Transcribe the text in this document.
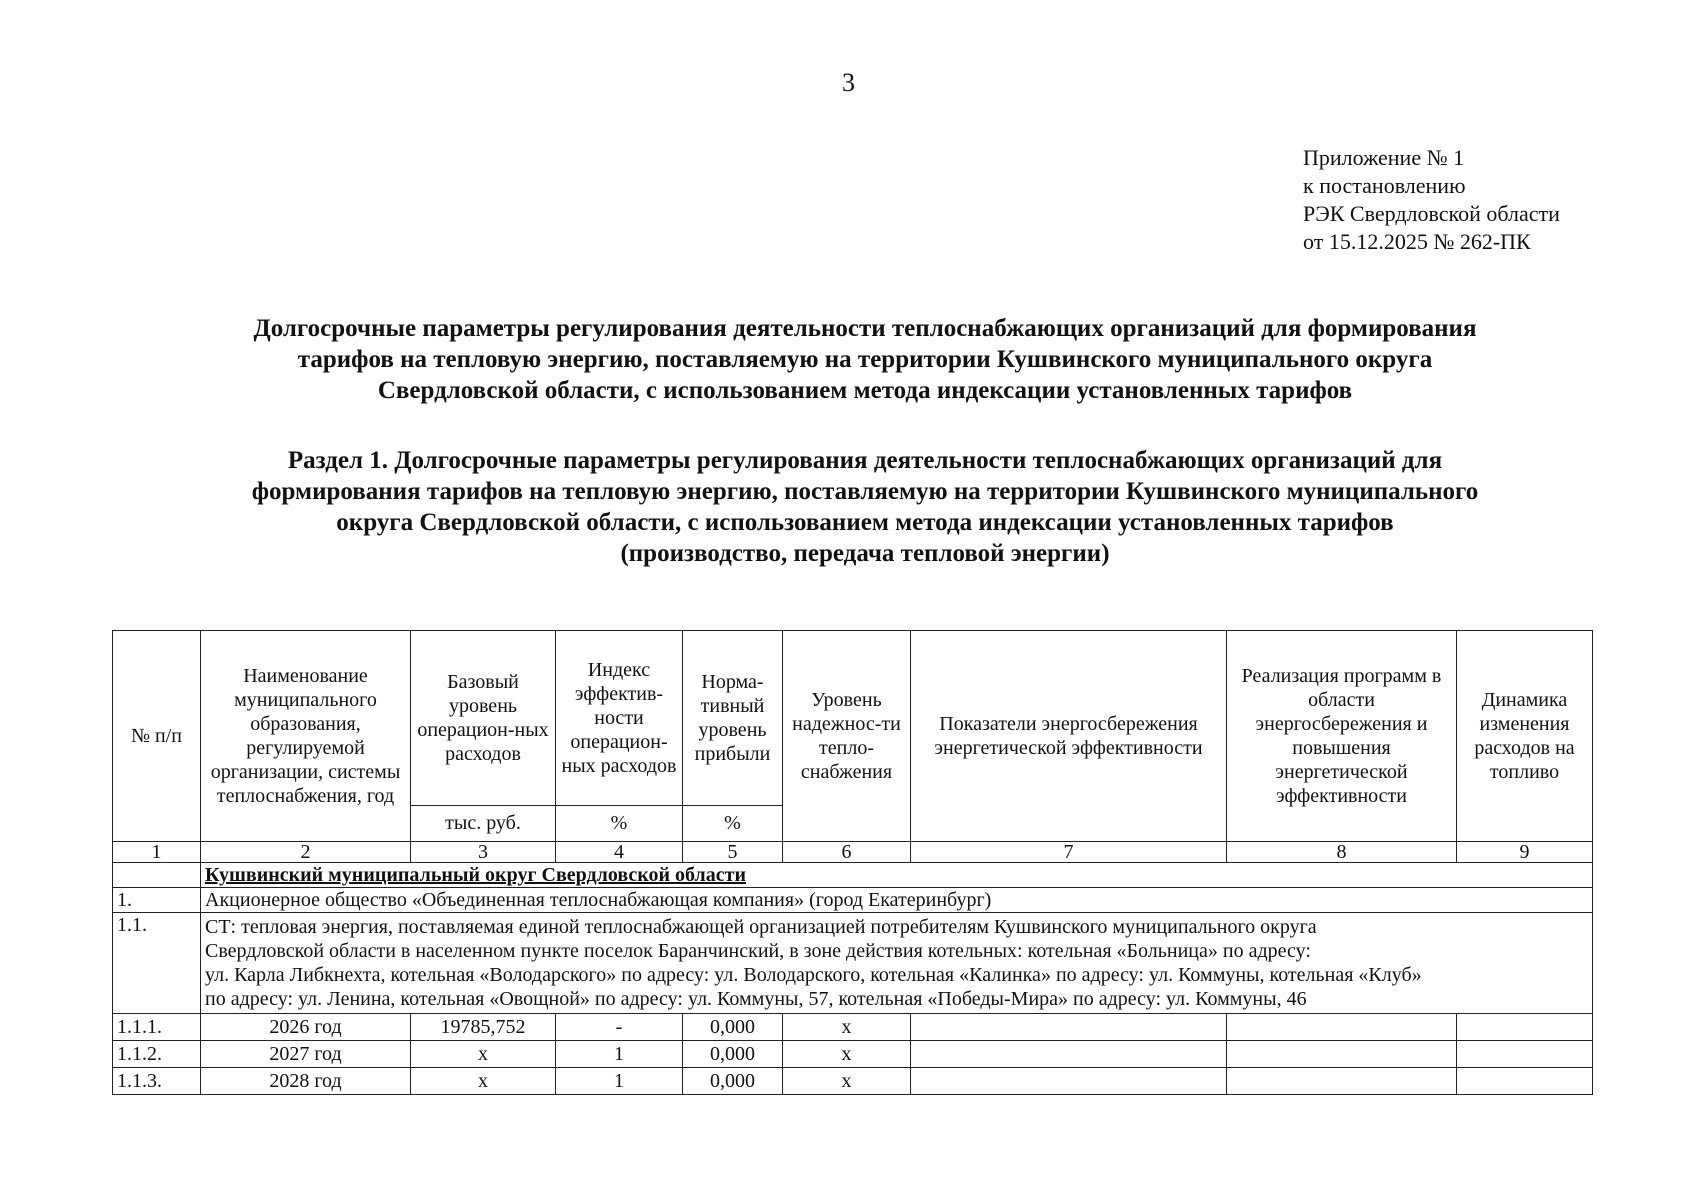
3
Приложение № 1
к постановлению
РЭК Свердловской области
от 15.12.2025 № 262-ПК
Долгосрочные параметры регулирования деятельности теплоснабжающих организаций для формирования
тарифов на тепловую энергию, поставляемую на территории Кушвинского муниципального округа
Свердловской области, с использованием метода индексации установленных тарифов
Раздел 1. Долгосрочные параметры регулирования деятельности теплоснабжающих организаций для
формирования тарифов на тепловую энергию, поставляемую на территории Кушвинского муниципального
округа Свердловской области, с использованием метода индексации установленных тарифов
(производство, передача тепловой энергии)
№ п/п	Наименование муниципального образования, регулируемой организации, системы теплоснабжения, год	Базовый уровень операцион-ных расходов	Индекс эффектив-ности операцион-ных расходов	Норма-тивный уровень прибыли	Уровень надежнос-ти тепло-снабжения	Показатели энергосбережения энергетической эффективности	Реализация программ в области энергосбережения и повышения энергетической эффективности	Динамика изменения расходов на топливо
		тыс. руб.	%	%				
1	2	3	4	5	6	7	8	9
	Кушвинский муниципальный округ Свердловской области							
1.	Акционерное общество «Объединенная теплоснабжающая компания» (город Екатеринбург)							
1.1.	СТ: тепловая энергия, поставляемая единой теплоснабжающей организацией потребителям Кушвинского муниципального округа
Свердловской области в населенном пункте поселок Баранчинский, в зоне действия котельных: котельная «Больница» по адресу:
ул. Карла Либкнехта, котельная «Володарского» по адресу: ул. Володарского, котельная «Калинка» по адресу: ул. Коммуны, котельная «Клуб»
по адресу: ул. Ленина, котельная «Овощной» по адресу: ул. Коммуны, 57, котельная «Победы-Мира» по адресу: ул. Коммуны, 46							

1.1.1.	2026 год	19785,752	-	0,000	х			
1.1.2.	2027 год	х	1	0,000	х			
1.1.3.	2028 год	х	1	0,000	х			
